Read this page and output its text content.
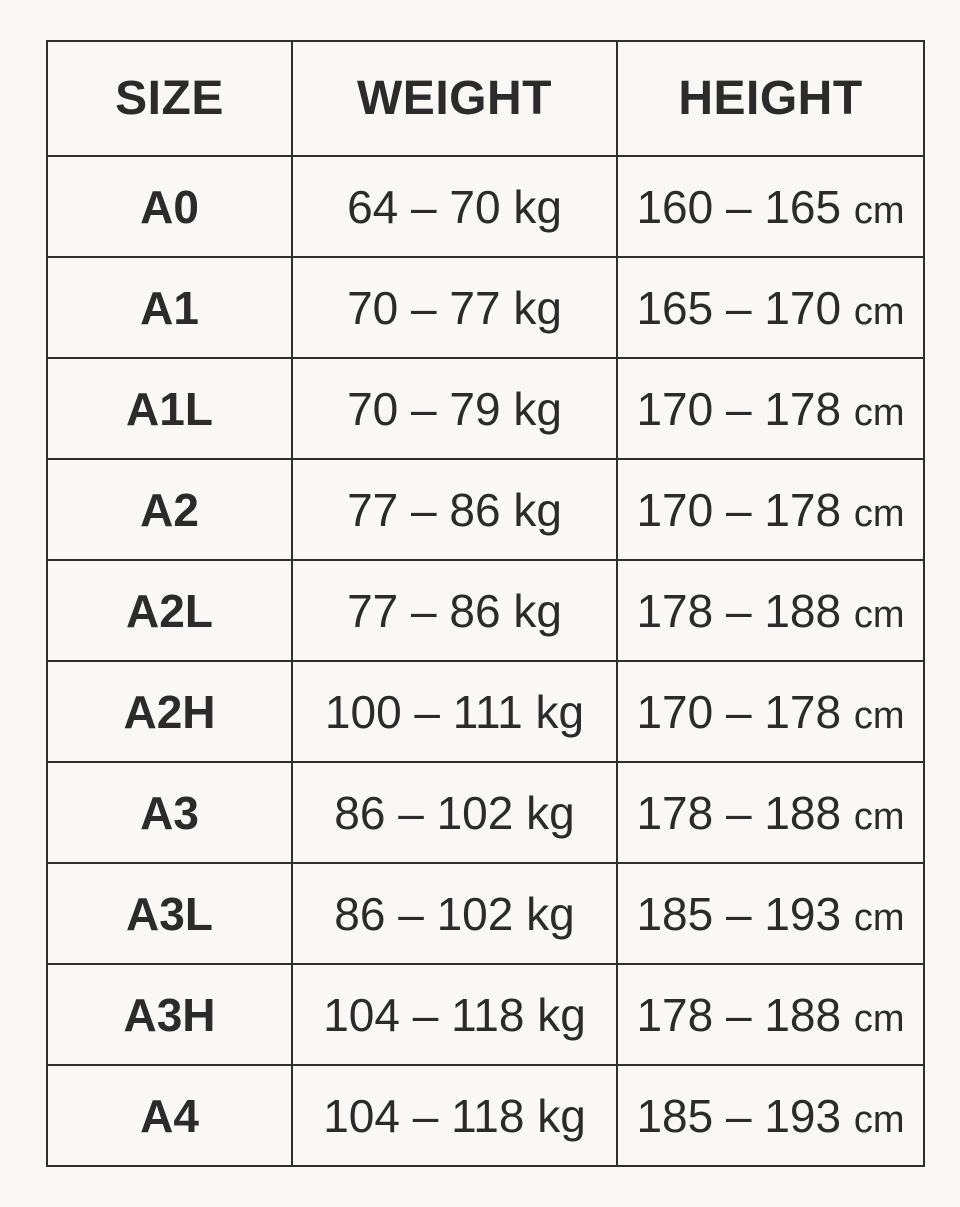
SIZE	WEIGHT	HEIGHT
A0	64 – 70 kg	160 – 165 cm
A1	70 – 77 kg	165 – 170 cm
A1L	70 – 79 kg	170 – 178 cm
A2	77 – 86 kg	170 – 178 cm
A2L	77 – 86 kg	178 – 188 cm
A2H	100 – 111 kg	170 – 178 cm
A3	86 – 102 kg	178 – 188 cm
A3L	86 – 102 kg	185 – 193 cm
A3H	104 – 118 kg	178 – 188 cm
A4	104 – 118 kg	185 – 193 cm
